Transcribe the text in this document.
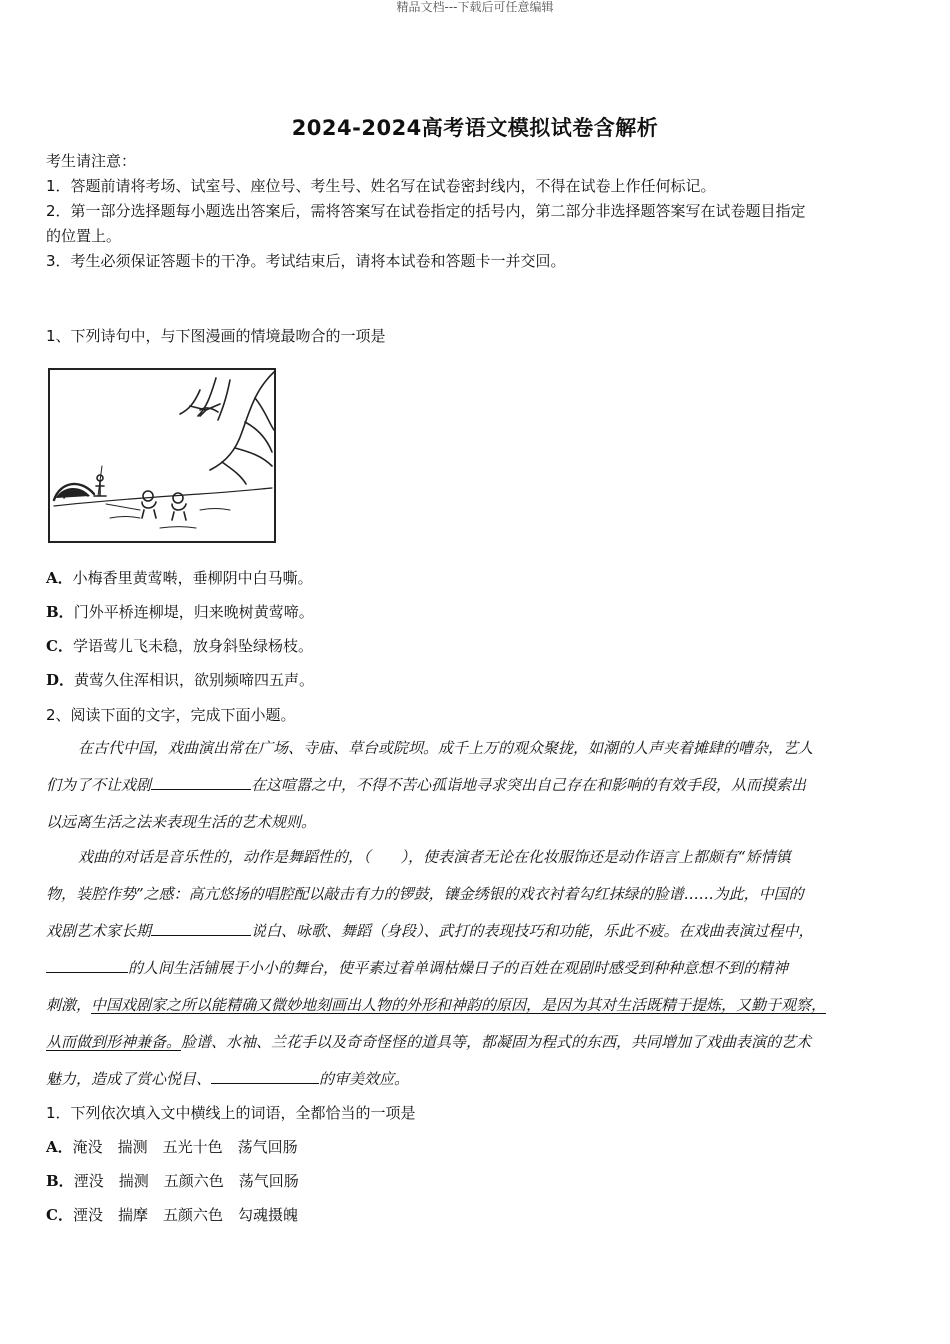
精品文档---下载后可任意编辑
2024-2024高考语文模拟试卷含解析
考生请注意：
1．答题前请将考场、试室号、座位号、考生号、姓名写在试卷密封线内，不得在试卷上作任何标记。
2．第一部分选择题每小题选出答案后，需将答案写在试卷指定的括号内，第二部分非选择题答案写在试卷题目指定
的位置上。
3．考生必须保证答题卡的干净。考试结束后，请将本试卷和答题卡一并交回。
1、下列诗句中，与下图漫画的情境最吻合的一项是
A．小梅香里黄莺啭，垂柳阴中白马嘶。
B．门外平桥连柳堤，归来晚树黄莺啼。
C．学语莺儿飞未稳，放身斜坠绿杨枝。
D．黄莺久住浑相识，欲别频啼四五声。
2、阅读下面的文字，完成下面小题。
在古代中国，戏曲演出常在广场、寺庙、草台或院坝。成千上万的观众聚拢，如潮的人声夹着摊肆的嘈杂，艺人
们为了不让戏剧	在这喧嚣之中，不得不苦心孤诣地寻求突出自己存在和影响的有效手段，从而摸索出
以远离生活之法来表现生活的艺术规则。
戏曲的对话是音乐性的，动作是舞蹈性的，（　　），使表演者无论在化妆服饰还是动作语言上都颇有“矫情镇
物，装腔作势”之感：高亢悠扬的唱腔配以敲击有力的锣鼓，镶金绣银的戏衣衬着勾红抹绿的脸谱……为此，中国的
戏剧艺术家长期	说白、咏歌、舞蹈（身段）、武打的表现技巧和功能，乐此不疲。在戏曲表演过程中，
的人间生活铺展于小小的舞台，使平素过着单调枯燥日子的百姓在观剧时感受到种种意想不到的精神
刺激，中国戏剧家之所以能精确又微妙地刻画出人物的外形和神韵的原因，是因为其对生活既精于提炼，又勤于观察，
从而做到形神兼备。脸谱、水袖、兰花手以及奇奇怪怪的道具等，都凝固为程式的东西，共同增加了戏曲表演的艺术
魅力，造成了赏心悦目、	的审美效应。
1．下列依次填入文中横线上的词语，全都恰当的一项是
A．淹没　揣测　五光十色　荡气回肠
B．湮没　揣测　五颜六色　荡气回肠
C．湮没　揣摩　五颜六色　勾魂摄魄
